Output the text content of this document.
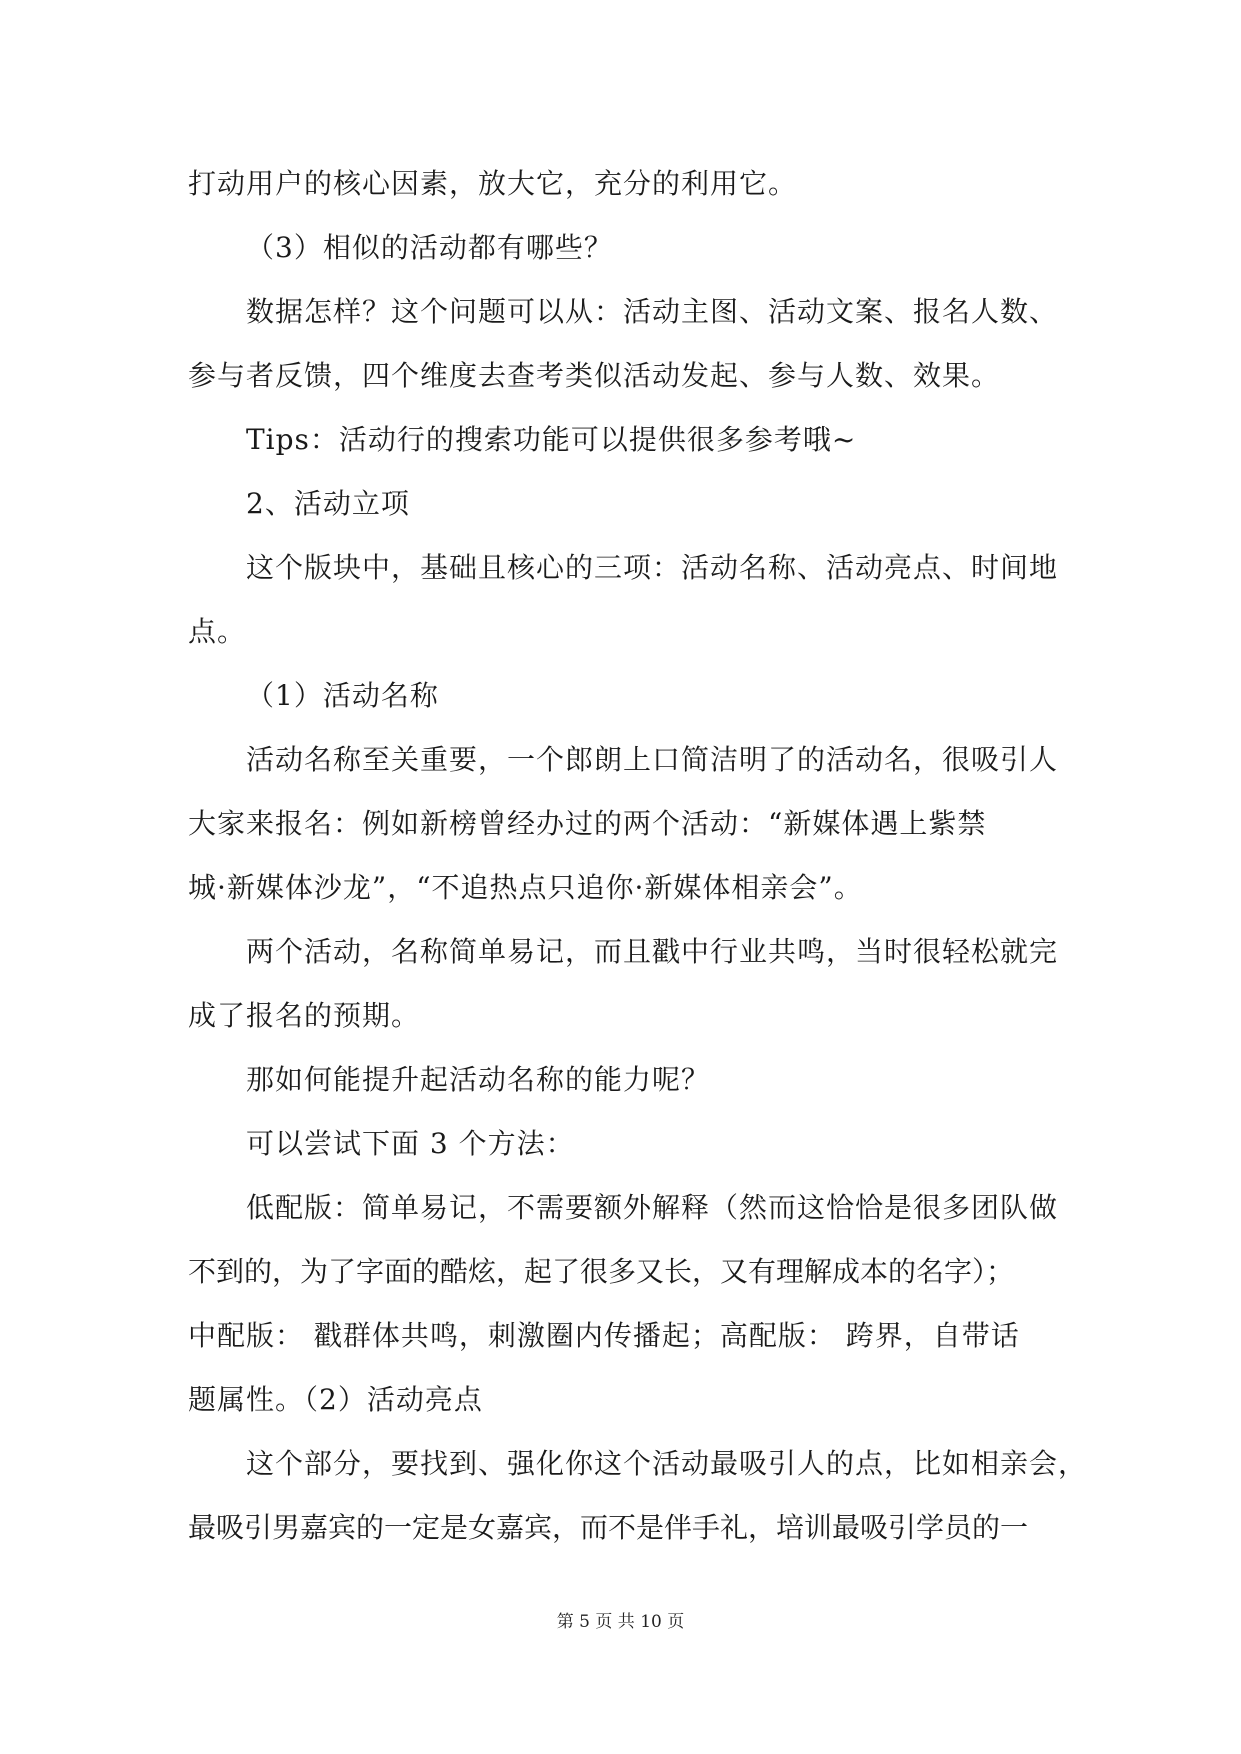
打动用户的核心因素，放大它，充分的利用它。

（3）相似的活动都有哪些？

数据怎样？这个问题可以从：活动主图、活动文案、报名人数、

参与者反馈，四个维度去查考类似活动发起、参与人数、效果。

Tips：活动行的搜索功能可以提供很多参考哦~

2、活动立项

这个版块中，基础且核心的三项：活动名称、活动亮点、时间地

点。

（1）活动名称

活动名称至关重要，一个郎朗上口简洁明了的活动名，很吸引人

大家来报名：例如新榜曾经办过的两个活动：“新媒体遇上紫禁

城·新媒体沙龙”，“不追热点只追你·新媒体相亲会”。

两个活动，名称简单易记，而且戳中行业共鸣，当时很轻松就完

成了报名的预期。

那如何能提升起活动名称的能力呢？

可以尝试下面 3 个方法：

低配版：简单易记，不需要额外解释（然而这恰恰是很多团队做

不到的，为了字面的酷炫，起了很多又长，又有理解成本的名字）；

中配版： 戳群体共鸣，刺激圈内传播起；高配版： 跨界，自带话

题属性。（2）活动亮点

这个部分，要找到、强化你这个活动最吸引人的点，比如相亲会，

最吸引男嘉宾的一定是女嘉宾，而不是伴手礼，培训最吸引学员的一

第 5 页 共 10 页
